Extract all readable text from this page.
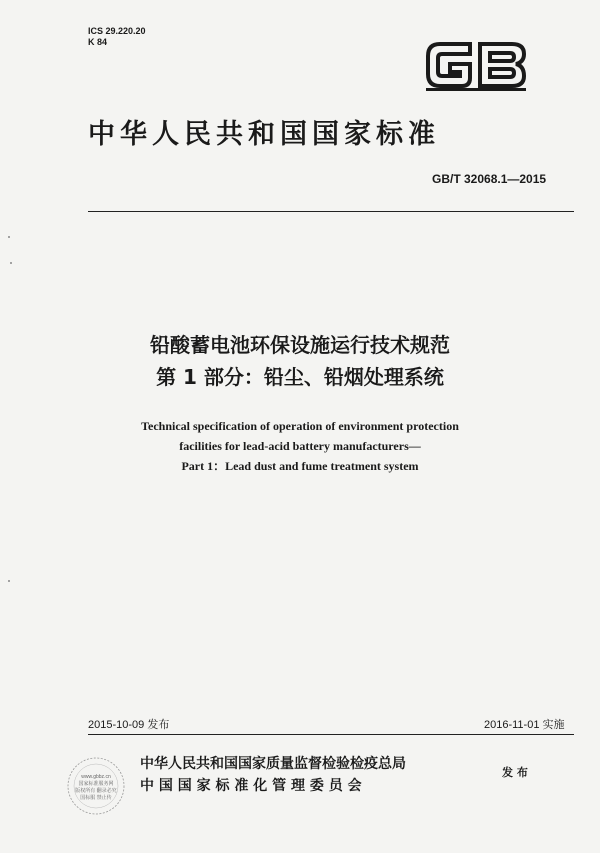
ICS 29.220.20
K 84
中华人民共和国国家标准
GB/T 32068.1—2015
铅酸蓄电池环保设施运行技术规范
第 1 部分：铅尘、铅烟处理系统
Technical specification of operation of environment protection
facilities for lead-acid battery manufacturers—
Part 1：Lead dust and fume treatment system
2015-10-09 发布	2016-11-01 实施
www.gbbz.cn
国家标准服务网
版权所有 翻录必究
国标服 禁止传
中华人民共和国国家质量监督检验检疫总局
中 国 国 家 标 准 化 管 理 委 员 会
发 布
